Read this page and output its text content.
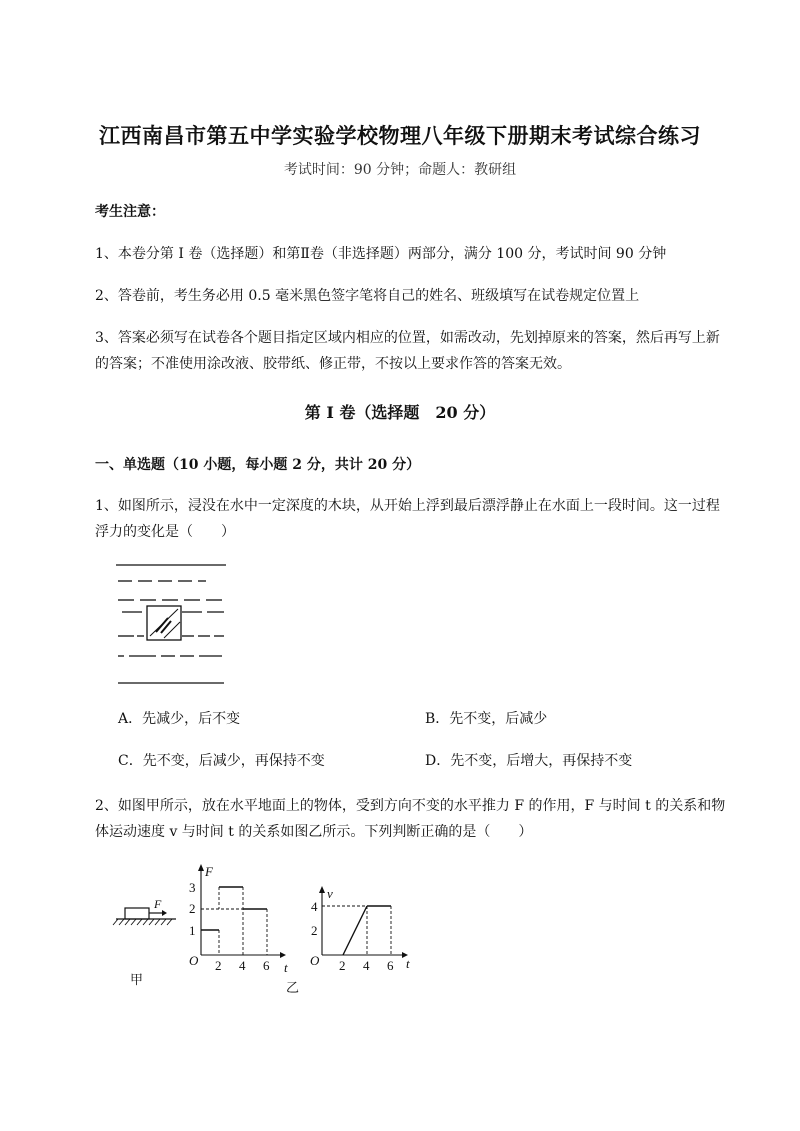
江西南昌市第五中学实验学校物理八年级下册期末考试综合练习
考试时间：90 分钟；命题人：教研组
考生注意：
1、本卷分第 I 卷（选择题）和第Ⅱ卷（非选择题）两部分，满分 100 分，考试时间 90 分钟
2、答卷前，考生务必用 0.5 毫米黑色签字笔将自己的姓名、班级填写在试卷规定位置上
3、答案必须写在试卷各个题目指定区域内相应的位置，如需改动，先划掉原来的答案，然后再写上新
的答案；不准使用涂改液、胶带纸、修正带，不按以上要求作答的答案无效。
第 I 卷（选择题　20 分）
一、单选题（10 小题，每小题 2 分，共计 20 分）
1、如图所示，浸没在水中一定深度的木块，从开始上浮到最后漂浮静止在水面上一段时间。这一过程
浮力的变化是（　　）
A．先减少，后不变	B．先不变，后减少
C．先不变，后减少，再保持不变	D．先不变，后增大，再保持不变
2、如图甲所示，放在水平地面上的物体，受到方向不变的水平推力 F 的作用，F 与时间 t 的关系和物
体运动速度 v 与时间 t 的关系如图乙所示。下列判断正确的是（　　）
F
甲
F
1
2
3
O 2 4 6 t
乙
v
4
2
O 2 4 6 t
